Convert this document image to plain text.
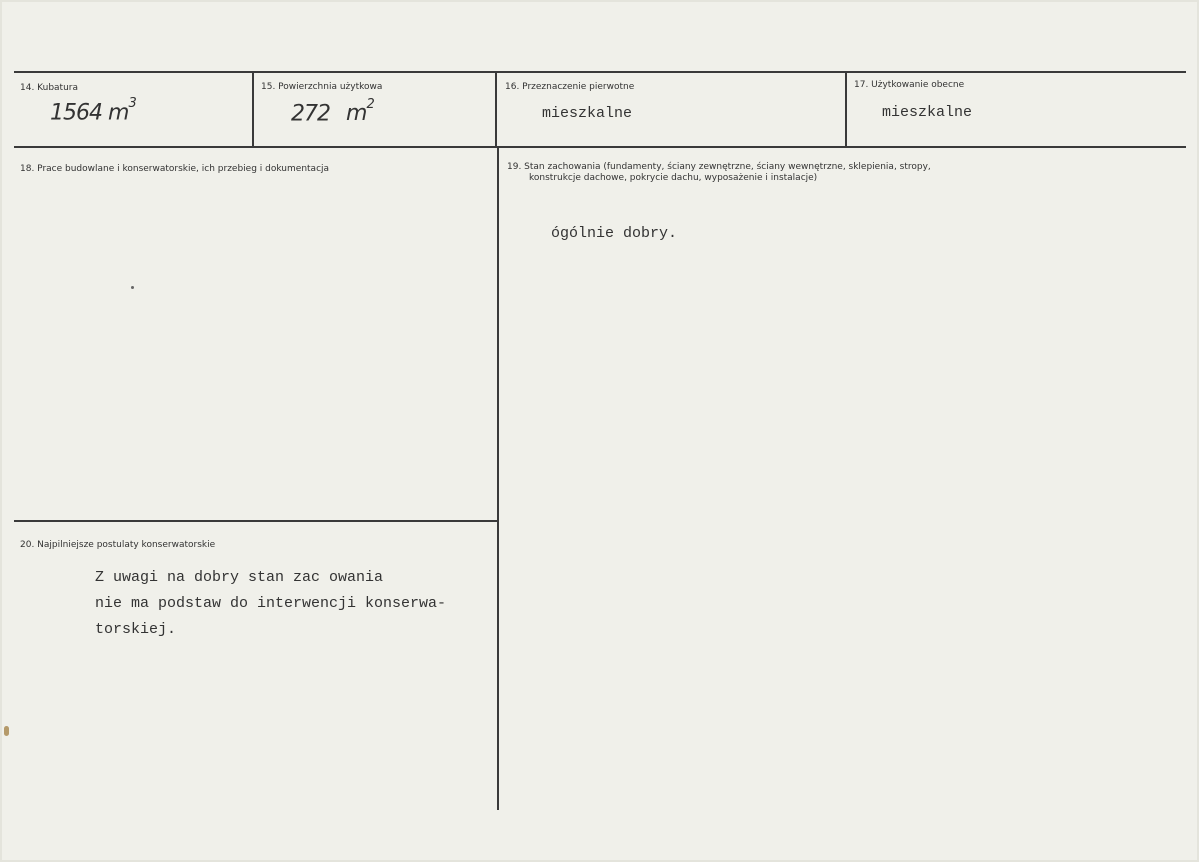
14. Kubatura
1564 $m^3$
15. Powierzchnia użytkowa
272 $m^2$
16. Przeznaczenie pierwotne
mieszkalne
17. Użytkowanie obecne
mieszkalne
18. Prace budowlane i konserwatorskie, ich przebieg i dokumentacja	19. Stan zachowania (fundamenty, ściany zewnętrzne, ściany wewnętrzne, sklepienia, stropy,
konstrukcje dachowe, pokrycie dachu, wyposażenie i instalacje)
ógólnie dobry.
20. Najpilniejsze postulaty konserwatorskie
Z uwagi na dobry stan zac owania
nie ma podstaw do interwencji konserwa-
torskiej.
